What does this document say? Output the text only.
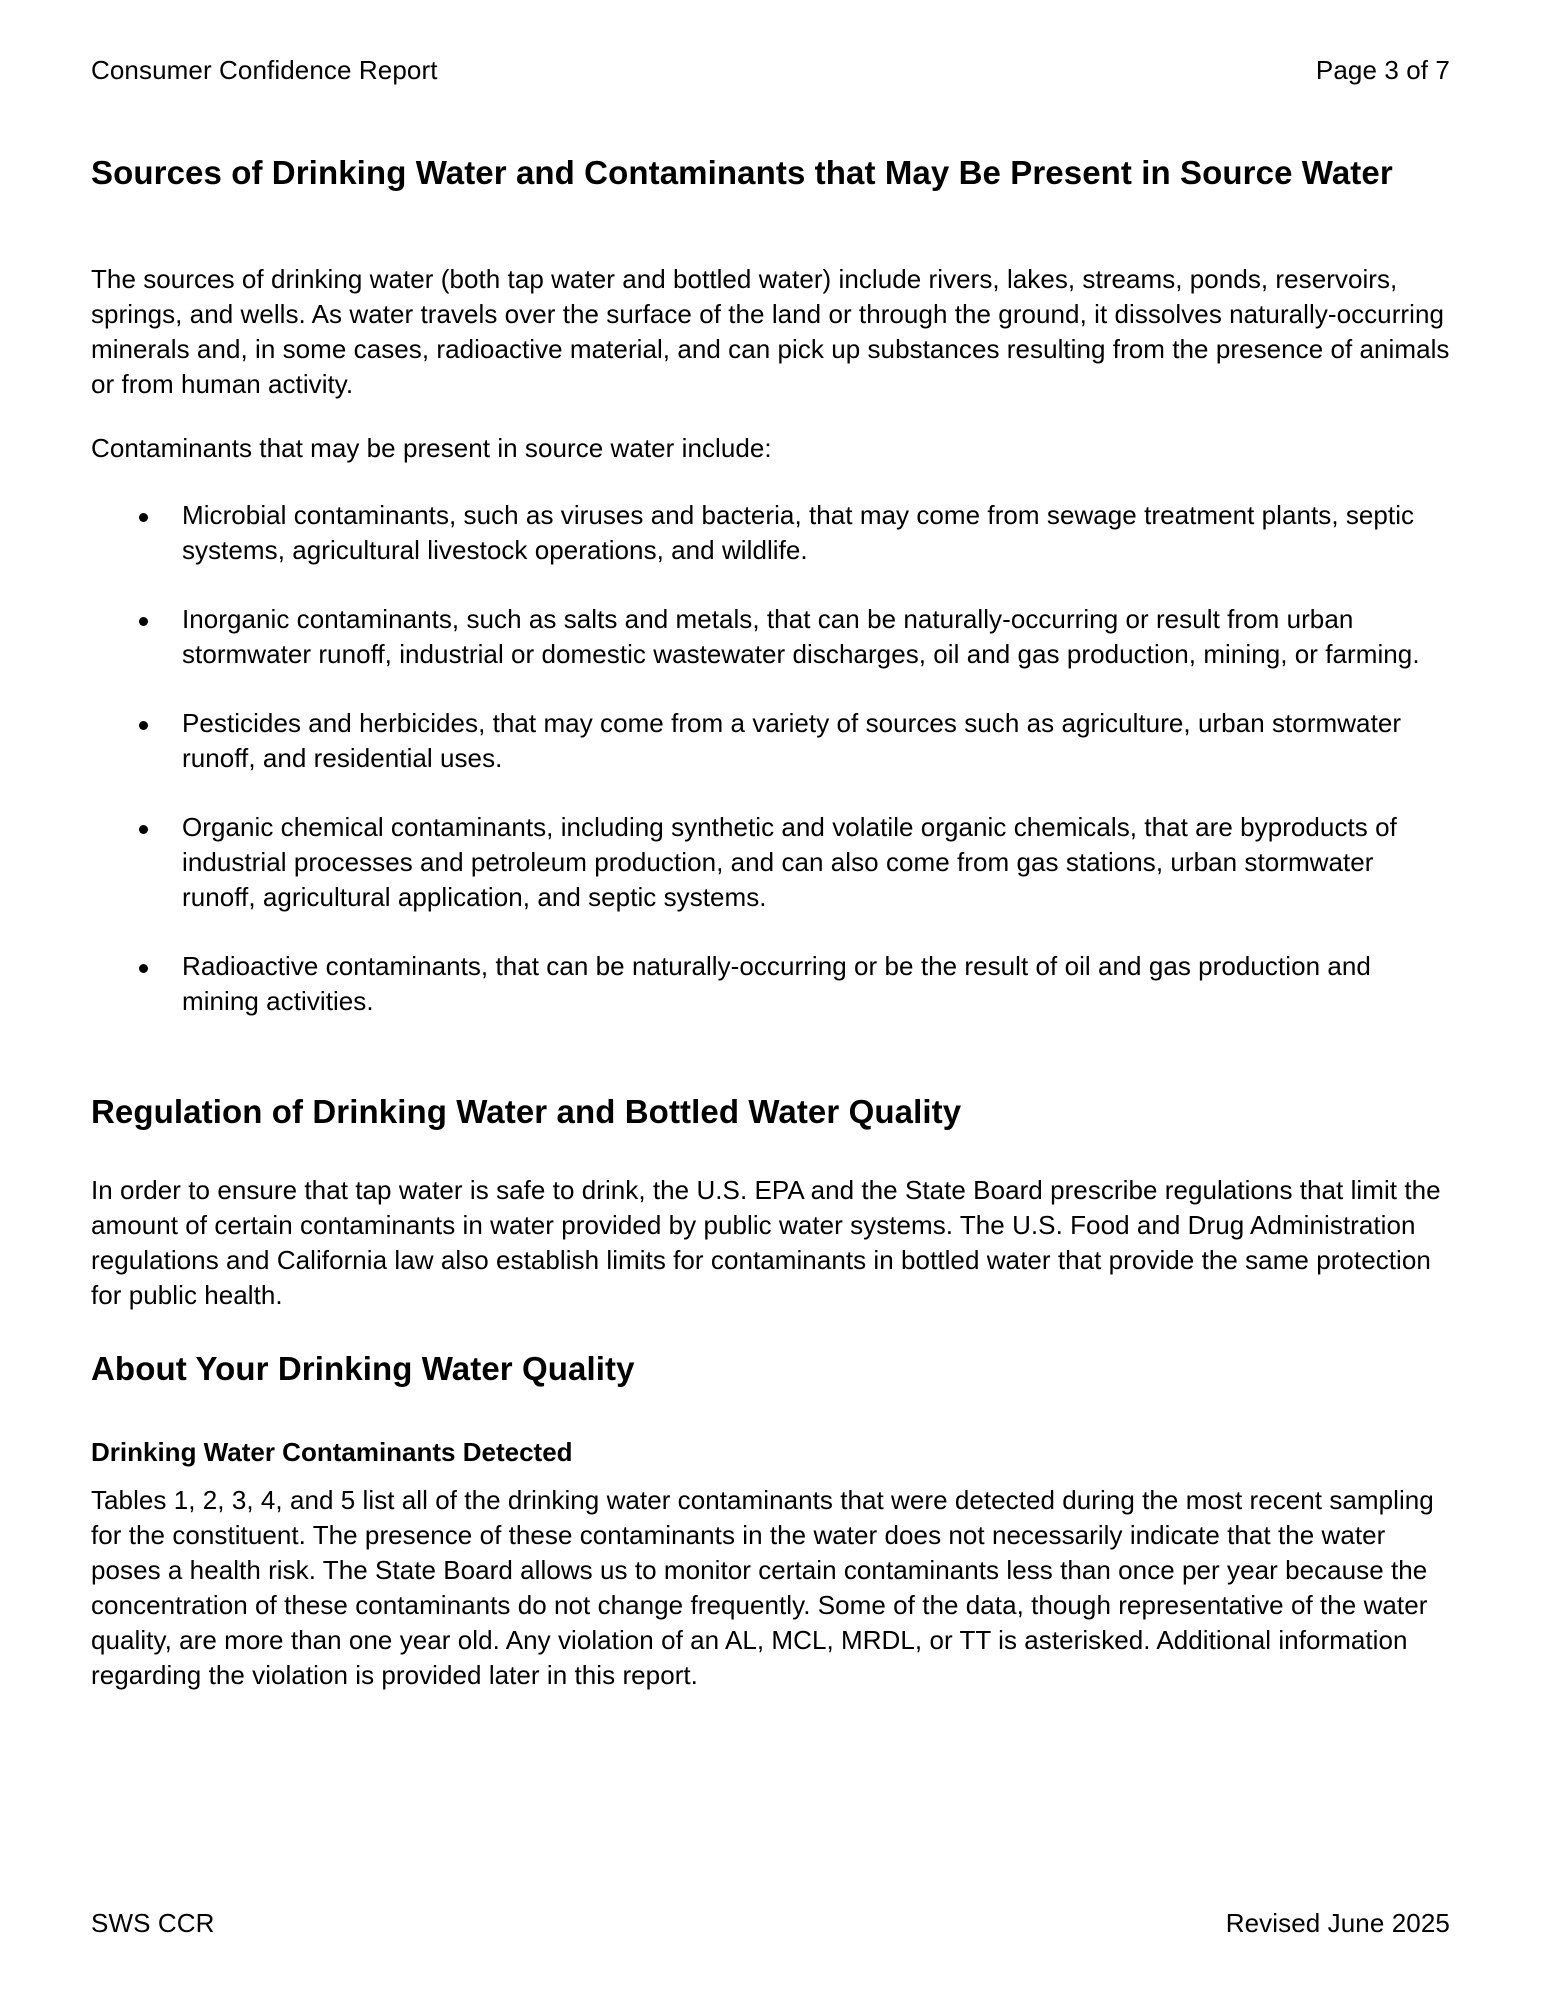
Consumer Confidence Report	Page 3 of 7
Sources of Drinking Water and Contaminants that May Be Present in Source Water

The sources of drinking water (both tap water and bottled water) include rivers, lakes, streams, ponds, reservoirs, springs, and wells. As water travels over the surface of the land or through the ground, it dissolves naturally-occurring minerals and, in some cases, radioactive material, and can pick up substances resulting from the presence of animals or from human activity.

Contaminants that may be present in source water include:

Microbial contaminants, such as viruses and bacteria, that may come from sewage treatment plants, septic systems, agricultural livestock operations, and wildlife.
Inorganic contaminants, such as salts and metals, that can be naturally-occurring or result from urban stormwater runoff, industrial or domestic wastewater discharges, oil and gas production, mining, or farming.
Pesticides and herbicides, that may come from a variety of sources such as agriculture, urban stormwater runoff, and residential uses.
Organic chemical contaminants, including synthetic and volatile organic chemicals, that are byproducts of industrial processes and petroleum production, and can also come from gas stations, urban stormwater runoff, agricultural application, and septic systems.
Radioactive contaminants, that can be naturally-occurring or be the result of oil and gas production and mining activities.
Regulation of Drinking Water and Bottled Water Quality

In order to ensure that tap water is safe to drink, the U.S. EPA and the State Board prescribe regulations that limit the amount of certain contaminants in water provided by public water systems. The U.S. Food and Drug Administration regulations and California law also establish limits for contaminants in bottled water that provide the same protection for public health.

About Your Drinking Water Quality
Drinking Water Contaminants Detected

Tables 1, 2, 3, 4, and 5 list all of the drinking water contaminants that were detected during the most recent sampling for the constituent. The presence of these contaminants in the water does not necessarily indicate that the water poses a health risk. The State Board allows us to monitor certain contaminants less than once per year because the concentration of these contaminants do not change frequently. Some of the data, though representative of the water quality, are more than one year old. Any violation of an AL, MCL, MRDL, or TT is asterisked. Additional information regarding the violation is provided later in this report.

SWS CCR	Revised June 2025
